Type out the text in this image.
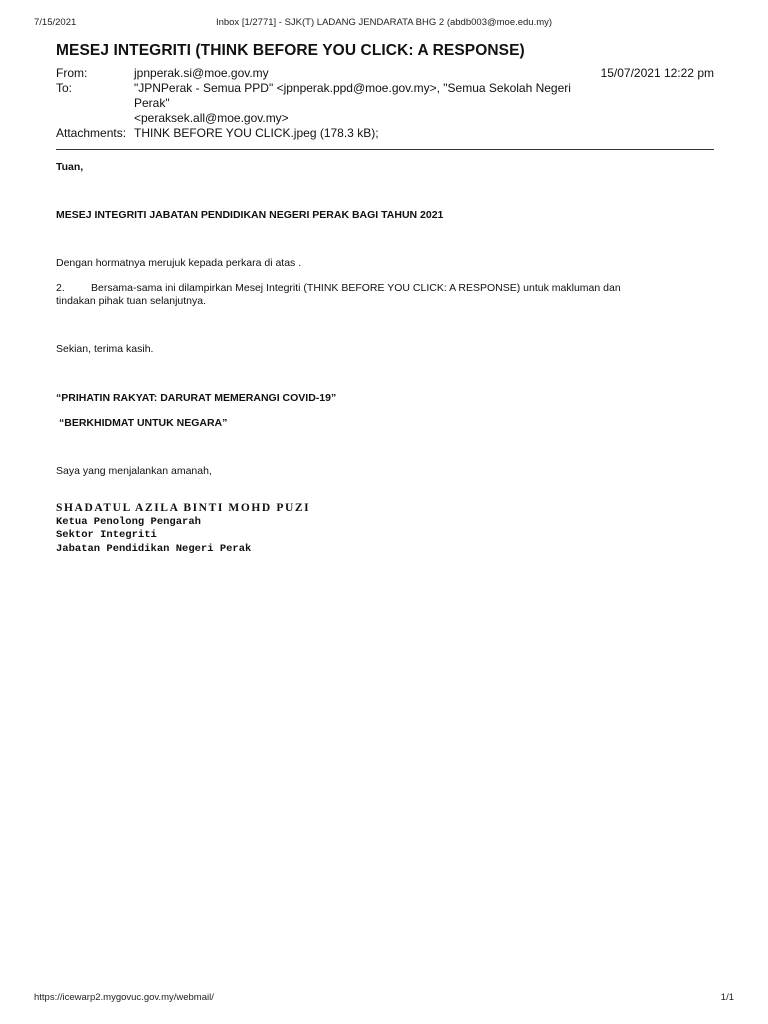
7/15/2021	Inbox [1/2771] - SJK(T) LADANG JENDARATA BHG 2 (abdb003@moe.edu.my)
MESEJ INTEGRITI (THINK BEFORE YOU CLICK: A RESPONSE)
From:	jpnperak.si@moe.gov.my	15/07/2021 12:22 pm
To:	"JPNPerak - Semua PPD" <jpnperak.ppd@moe.gov.my>, "Semua Sekolah Negeri Perak"
<peraksek.all@moe.gov.my>
Attachments: THINK BEFORE YOU CLICK.jpeg (178.3 kB);
Tuan,
MESEJ INTEGRITI JABATAN PENDIDIKAN NEGERI PERAK BAGI TAHUN 2021
Dengan hormatnya merujuk kepada perkara di atas .
2. Bersama-sama ini dilampirkan Mesej Integriti (THINK BEFORE YOU CLICK: A RESPONSE) untuk makluman dan
tindakan pihak tuan selanjutnya.
Sekian, terima kasih.
“PRIHATIN RAKYAT: DARURAT MEMERANGI COVID-19”
“BERKHIDMAT UNTUK NEGARA”
Saya yang menjalankan amanah,
SHADATUL AZILA BINTI MOHD PUZI
Ketua Penolong Pengarah
Sektor Integriti
Jabatan Pendidikan Negeri Perak
https://icewarp2.mygovuc.gov.my/webmail/	1/1
